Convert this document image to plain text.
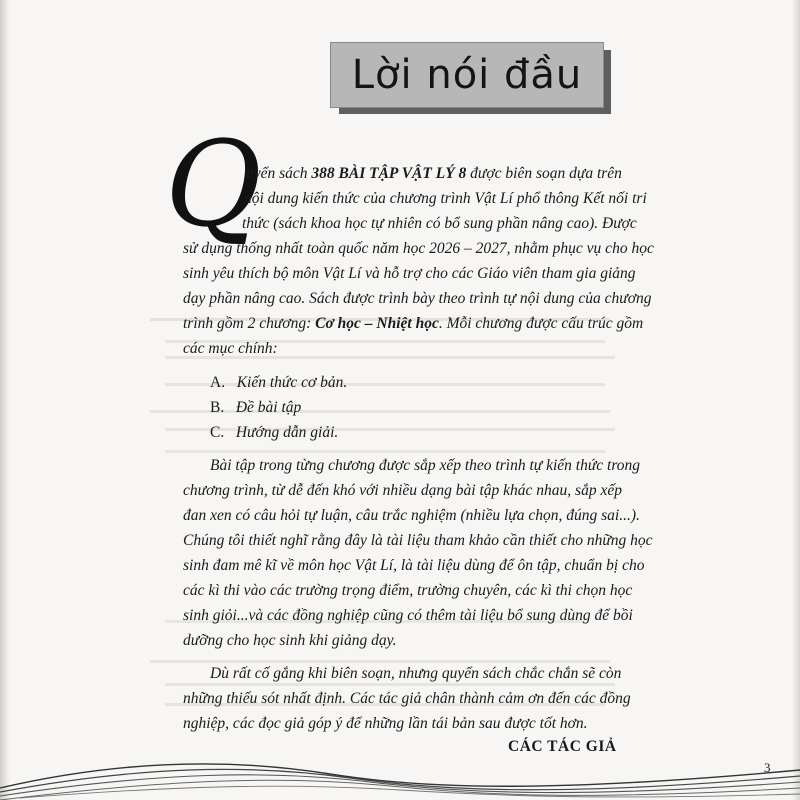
Lời nói đầu
Q
uyển sách 388 BÀI TẬP VẬT LÝ 8 được biên soạn dựa trên
nội dung kiến thức của chương trình Vật Lí phổ thông Kết nối tri
thức (sách khoa học tự nhiên có bổ sung phần nâng cao). Được
sử dụng thống nhất toàn quốc năm học 2026 – 2027, nhằm phục vụ cho học
sinh yêu thích bộ môn Vật Lí và hỗ trợ cho các Giáo viên tham gia giảng
dạy phần nâng cao. Sách được trình bày theo trình tự nội dung của chương
trình gồm 2 chương: Cơ học – Nhiệt học. Mỗi chương được cấu trúc gồm
các mục chính:
A. Kiến thức cơ bản.
B. Đề bài tập
C. Hướng dẫn giải.
Bài tập trong từng chương được sắp xếp theo trình tự kiến thức trong
chương trình, từ dễ đến khó với nhiều dạng bài tập khác nhau, sắp xếp
đan xen có câu hỏi tự luận, câu trắc nghiệm (nhiều lựa chọn, đúng sai...).
Chúng tôi thiết nghĩ rằng đây là tài liệu tham khảo cần thiết cho những học
sinh đam mê kĩ về môn học Vật Lí, là tài liệu dùng để ôn tập, chuẩn bị cho
các kì thi vào các trường trọng điểm, trường chuyên, các kì thi chọn học
sinh giỏi...và các đồng nghiệp cũng có thêm tài liệu bổ sung dùng để bồi
dưỡng cho học sinh khi giảng dạy.
Dù rất cố gắng khi biên soạn, nhưng quyển sách chắc chắn sẽ còn
những thiếu sót nhất định. Các tác giả chân thành cảm ơn đến các đồng
nghiệp, các đọc giả góp ý để những lần tái bản sau được tốt hơn.
CÁC TÁC GIẢ
3
